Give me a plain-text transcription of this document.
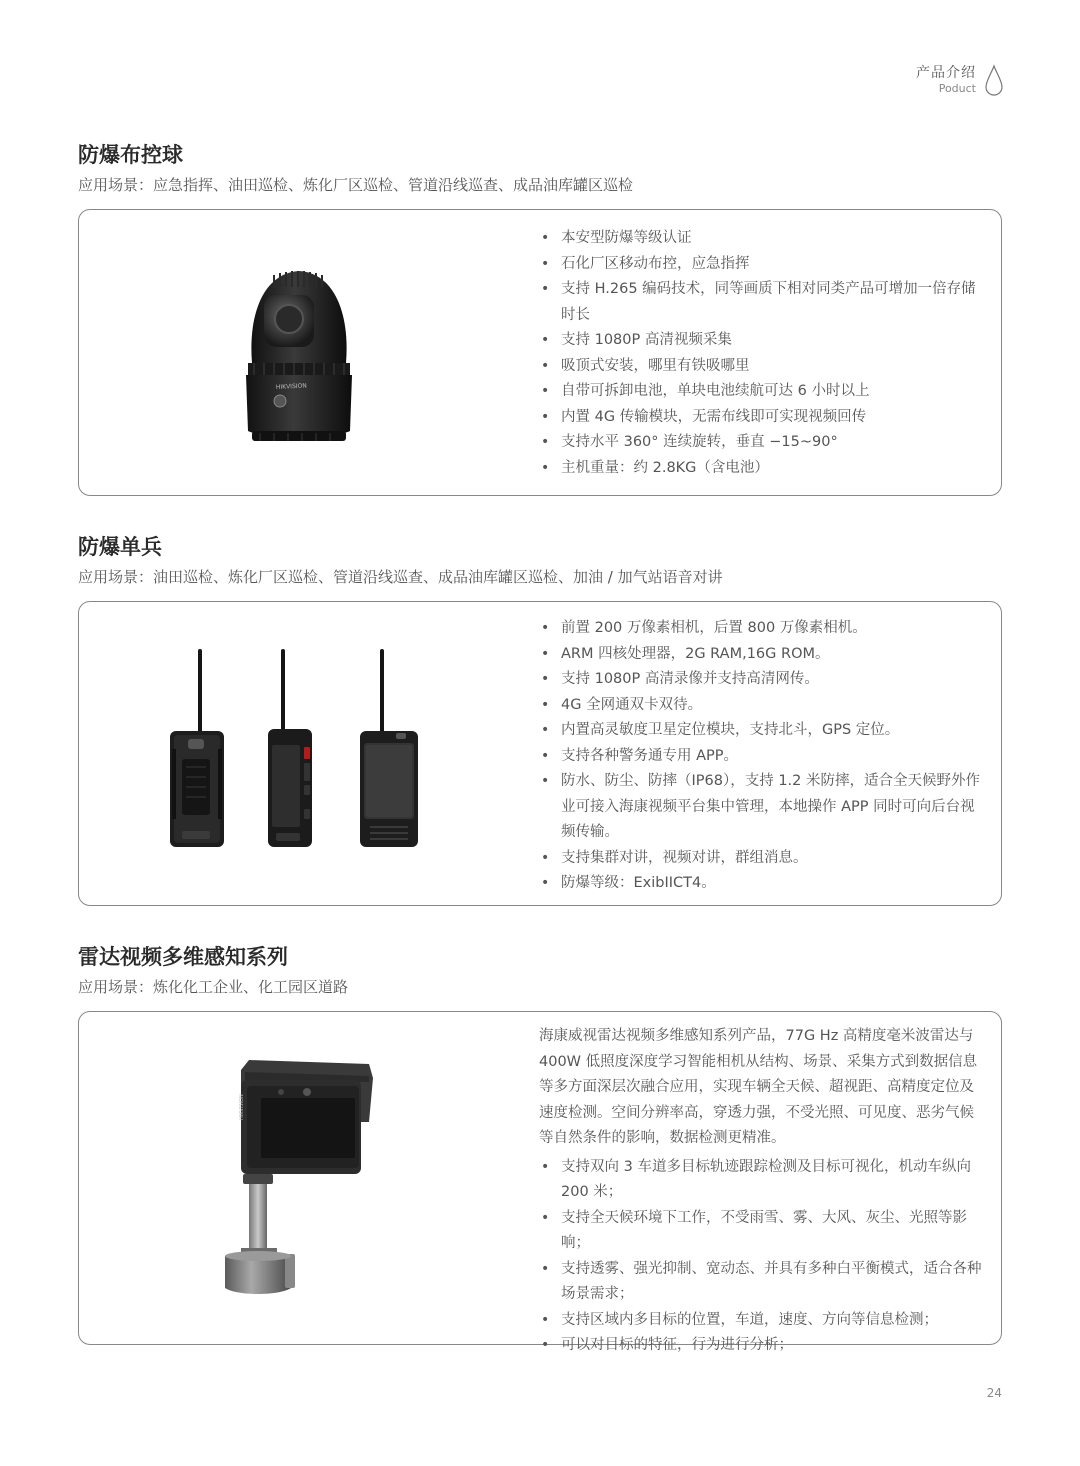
产品介绍
Poduct
防爆布控球
应用场景：应急指挥、油田巡检、炼化厂区巡检、管道沿线巡查、成品油库罐区巡检
HIKVISION
• 本安型防爆等级认证
• 石化厂区移动布控，应急指挥
• 支持 H.265 编码技术，同等画质下相对同类产品可增加一倍存储时长
• 支持 1080P 高清视频采集
• 吸顶式安装，哪里有铁吸哪里
• 自带可拆卸电池，单块电池续航可达 6 小时以上
• 内置 4G 传输模块，无需布线即可实现视频回传
• 支持水平 360° 连续旋转，垂直 −15~90°
• 主机重量：约 2.8KG（含电池）
防爆单兵
应用场景：油田巡检、炼化厂区巡检、管道沿线巡查、成品油库罐区巡检、加油 / 加气站语音对讲
• 前置 200 万像素相机，后置 800 万像素相机。
• ARM 四核处理器，2G RAM,16G ROM。
• 支持 1080P 高清录像并支持高清网传。
• 4G 全网通双卡双待。
• 内置高灵敏度卫星定位模块，支持北斗，GPS 定位。
• 支持各种警务通专用 APP。
• 防水、防尘、防摔（IP68），支持 1.2 米防摔，适合全天候野外作业可接入海康视频平台集中管理，本地操作 APP 同时可向后台视频传输。
• 支持集群对讲，视频对讲，群组消息。
• 防爆等级：ExibIICT4。
雷达视频多维感知系列
应用场景：炼化化工企业、化工园区道路
HIKVISION
海康威视雷达视频多维感知系列产品，77G Hz 高精度毫米波雷达与 400W 低照度深度学习智能相机从结构、场景、采集方式到数据信息等多方面深层次融合应用，实现车辆全天候、超视距、高精度定位及速度检测。空间分辨率高，穿透力强，不受光照、可见度、恶劣气候等自然条件的影响，数据检测更精准。
• 支持双向 3 车道多目标轨迹跟踪检测及目标可视化，机动车纵向 200 米；
• 支持全天候环境下工作，不受雨雪、雾、大风、灰尘、光照等影响；
• 支持透雾、强光抑制、宽动态、并具有多种白平衡模式，适合各种场景需求；
• 支持区域内多目标的位置，车道，速度、方向等信息检测；
• 可以对目标的特征，行为进行分析；
24
